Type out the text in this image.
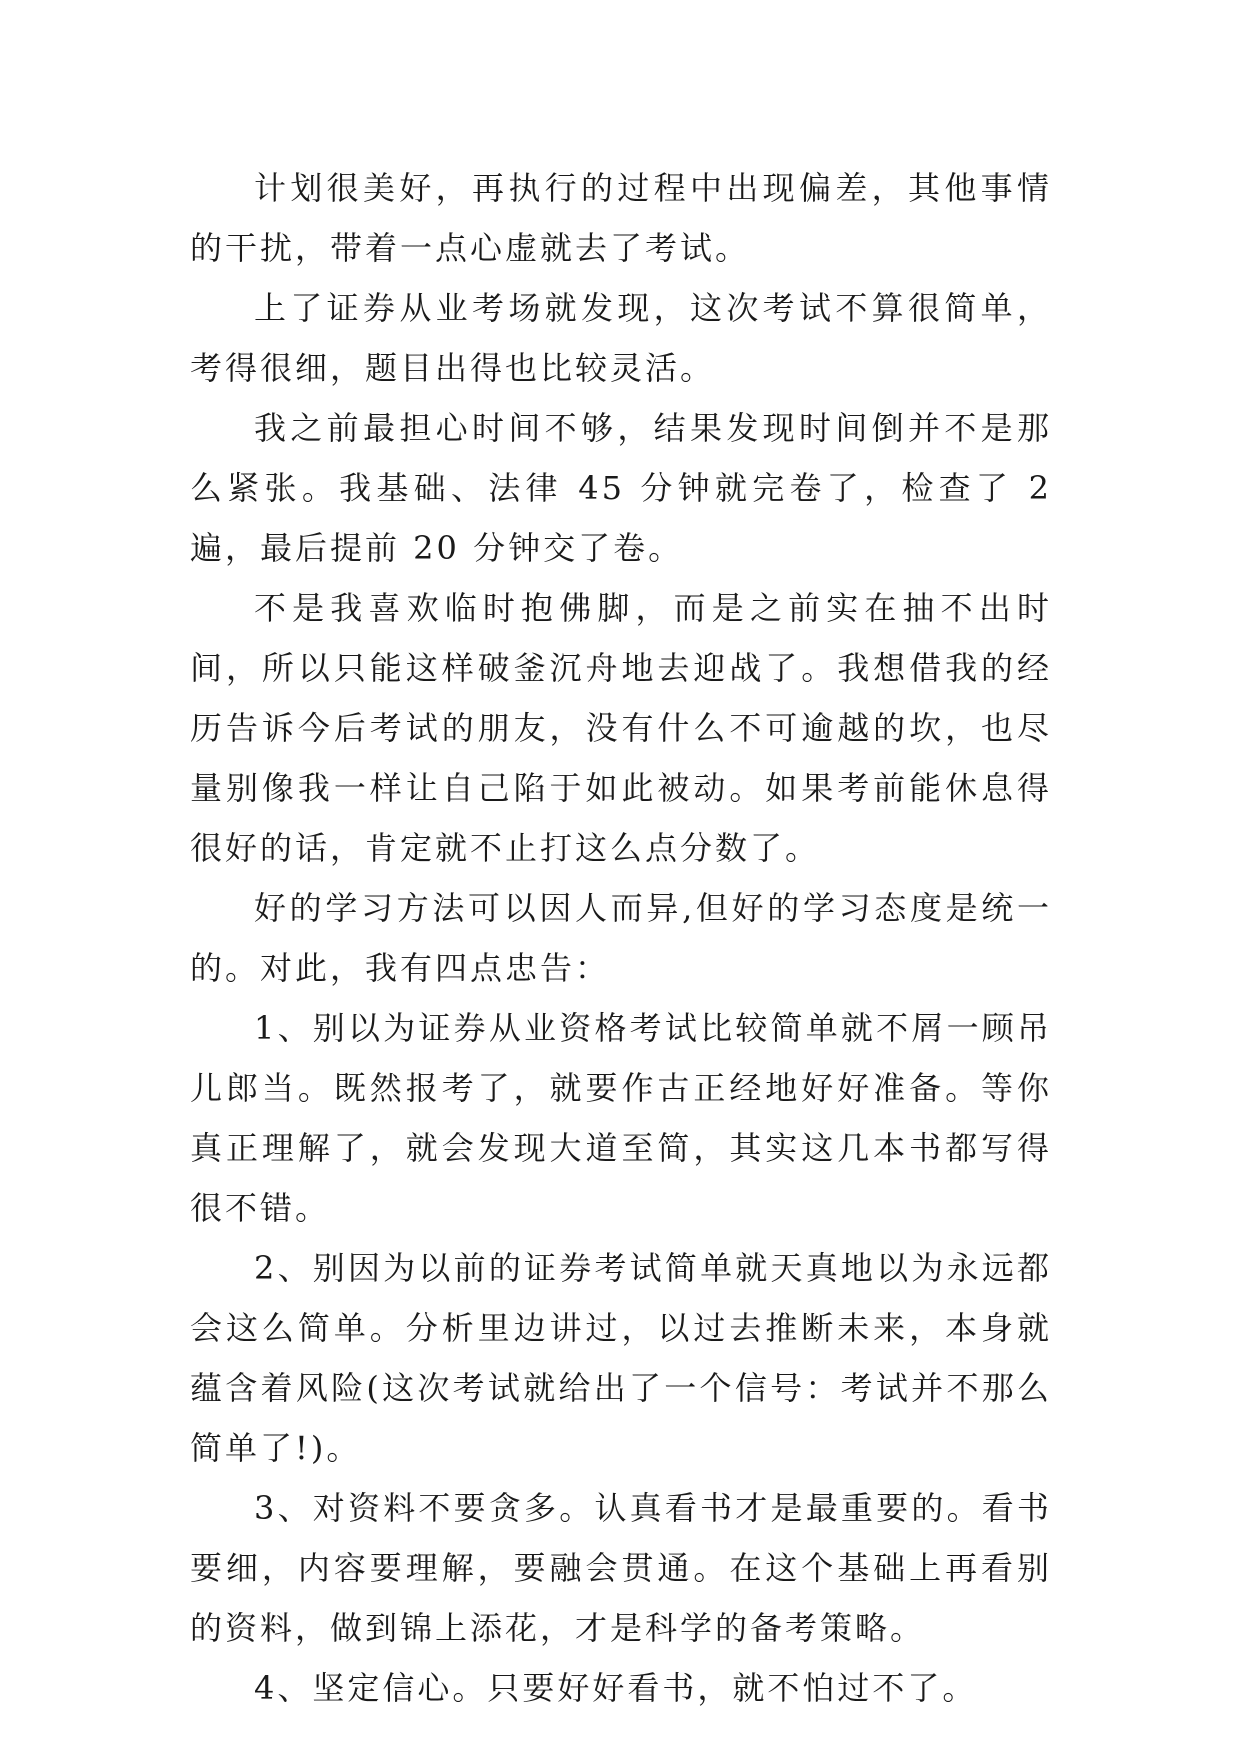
计划很美好，再执行的过程中出现偏差，其他事情的干扰，带着一点心虚就去了考试。

上了证券从业考场就发现，这次考试不算很简单，考得很细，题目出得也比较灵活。

我之前最担心时间不够，结果发现时间倒并不是那么紧张。我基础、法律 45 分钟就完卷了，检查了 2 遍，最后提前 20 分钟交了卷。

不是我喜欢临时抱佛脚，而是之前实在抽不出时间，所以只能这样破釜沉舟地去迎战了。我想借我的经历告诉今后考试的朋友，没有什么不可逾越的坎，也尽量别像我一样让自己陷于如此被动。如果考前能休息得很好的话，肯定就不止打这么点分数了。

好的学习方法可以因人而异,但好的学习态度是统一的。对此，我有四点忠告：

1、别以为证券从业资格考试比较简单就不屑一顾吊儿郎当。既然报考了，就要作古正经地好好准备。等你真正理解了，就会发现大道至简，其实这几本书都写得很不错。

2、别因为以前的证券考试简单就天真地以为永远都会这么简单。分析里边讲过，以过去推断未来，本身就蕴含着风险(这次考试就给出了一个信号：考试并不那么简单了!)。

3、对资料不要贪多。认真看书才是最重要的。看书要细，内容要理解，要融会贯通。在这个基础上再看别的资料，做到锦上添花，才是科学的备考策略。

4、坚定信心。只要好好看书，就不怕过不了。
